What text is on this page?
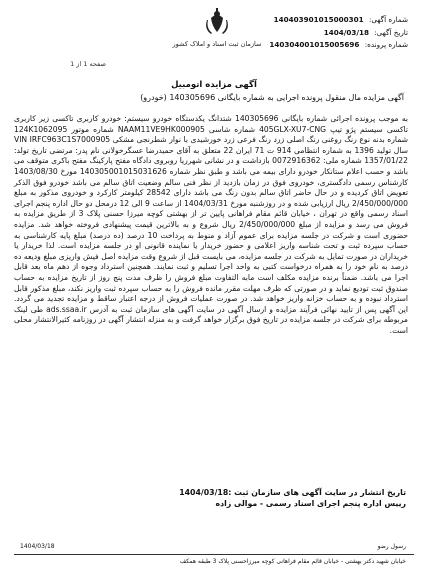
شماره آگهی: 140403901015000301
تاریخ آگهی: 1404/03/18
شماره پرونده: 140304001015005696
سازمان ثبت اسناد و املاک کشور
صفحه 1 از 1
آگهی مزایده اتومبیل
آگهی مزایده مال منقول پرونده اجرایی به شماره بایگانی 140305696 (خودرو)
به موجب پرونده اجرائی شماره بایگانی 140305696 شتدانگ یکدستگاه خودرو سیستم: خودرو کاربری تاکسی زیر کاربری تاکسی سیستم پژو تیپ 405GLX-XU7-CNG شماره شاسی NAAM11VE9HK000905 شماره موتور 124K1062095 شماره بدنه نوع رنگ روغنی رنگ اصلی زرد رنگ فرعی زرد خورشیدی با نوار شطرنجی مشکی VIN IRFC963C1S7000905 سال تولید 1396 به شماره انتظامی 914 ت 71 ایران 22 متعلق به آقای حمیدرضا عسگرخولانی نام پدر: مرتضی تاریخ تولد: 1357/01/22 شماره ملی: 0072916362 بازداشت و در نشانی شهرریا روبروی دادگاه مفتح پارکینگ مفتح باکری متوقف می باشد و حسب اعلام ستانکار خودرو دارای بیمه می باشد و طبق نظر شماره 140305001015031626 مورخ 1403/08/30 کارشناس رسمی دادگستری، خودروی فوق در زمان بازدید از نظر فنی سالم وضعیت اتاق سالم می باشد خودرو فوق الذکر تعویض اتاق کردیده و در حال حاضر اتاق سالم بدون رنگ می باشد دارای 28542 کیلومتر کارکرد و خودروی مذکور به مبلغ 2/450/000/000 ریال ارزیابی شده و در روزشنبه مورخ 1404/03/31 از ساعت 9 الی 12 درمحل دو حال اداره پنجم اجرای اسناد رسمی واقع در تهران ، خیابان قائم مقام فراهانی پایین تر از بهشتی کوچه میرزا حسنی پلاک 3 از طریق مزایده به فروش می رسد و مزایده از مبلغ 2/450/000/000 ریال شروع و به بالاترین قیمت پیشنهادی فروخته خواهد شد. مزایده حضوری است و شرکت در جلسه مزایده برای عموم آزاد و منوط به پرداخت 10 درصد (ده درصد) مبلغ پایه کارشناسی به حساب سپرده ثبت و تحت شناسه واریز اعلامی و حضور خریدار یا نماینده قانونی او در جلسه مزایده است. لذا خریدار یا خریداران در صورت تمایل به شرکت در جلسه مزایده، می بایست قبل از شروع وقت مزایده اصل فیش واریزی مبلغ ودیعه ده درصد به نام خود را به همراه درخواست کتبی به واحد اجرا تسلیم و ثبت نمایند. همچنین استرداد وجوه از دهم ماه بعد قابل اجرا می باشد. ضمناً برنده مزایده مکلف است مابه التفاوت مبلغ فروش را ظرف مدت پنج روز از تاریخ مزایده به حساب صندوق ثبت تودیع نماید و در صورتی که ظرف مهلت مقرر مانده فروش را به حساب سپرده ثبت واریز نکند، مبلغ مذکور قابل استرداد نبوده و به حساب خزانه واریز خواهد شد. در صورت عملیات فروش از درجه اعتبار ساقط و مزایده تجدید می گردد. این آگهی پس از تایید نهائی فرآیند مزایده و ارسال آگهی در سایت آگهی های سازمان ثبت به آدرس ads.ssaa.ir طی لینک مربوطه برای شرکت در جلسه مزایده در تاریخ فوق برگزار خواهد گرفت و به منزله انتشار آگهی در روزنامه کثیرالانتشار محلی است.
تاریخ انتشار در سایت آگهی های سازمان ثبت :1404/03/18
رییس اداره پنجم اجرای اسناد رسمی - موالی زاده
رسول رضو
1404/03/18
خیابان شهید دکتر بهشتی - خیابان قائم مقام فراهانی کوچه میرزاحسنی پلاک 3 طبقه همکف
